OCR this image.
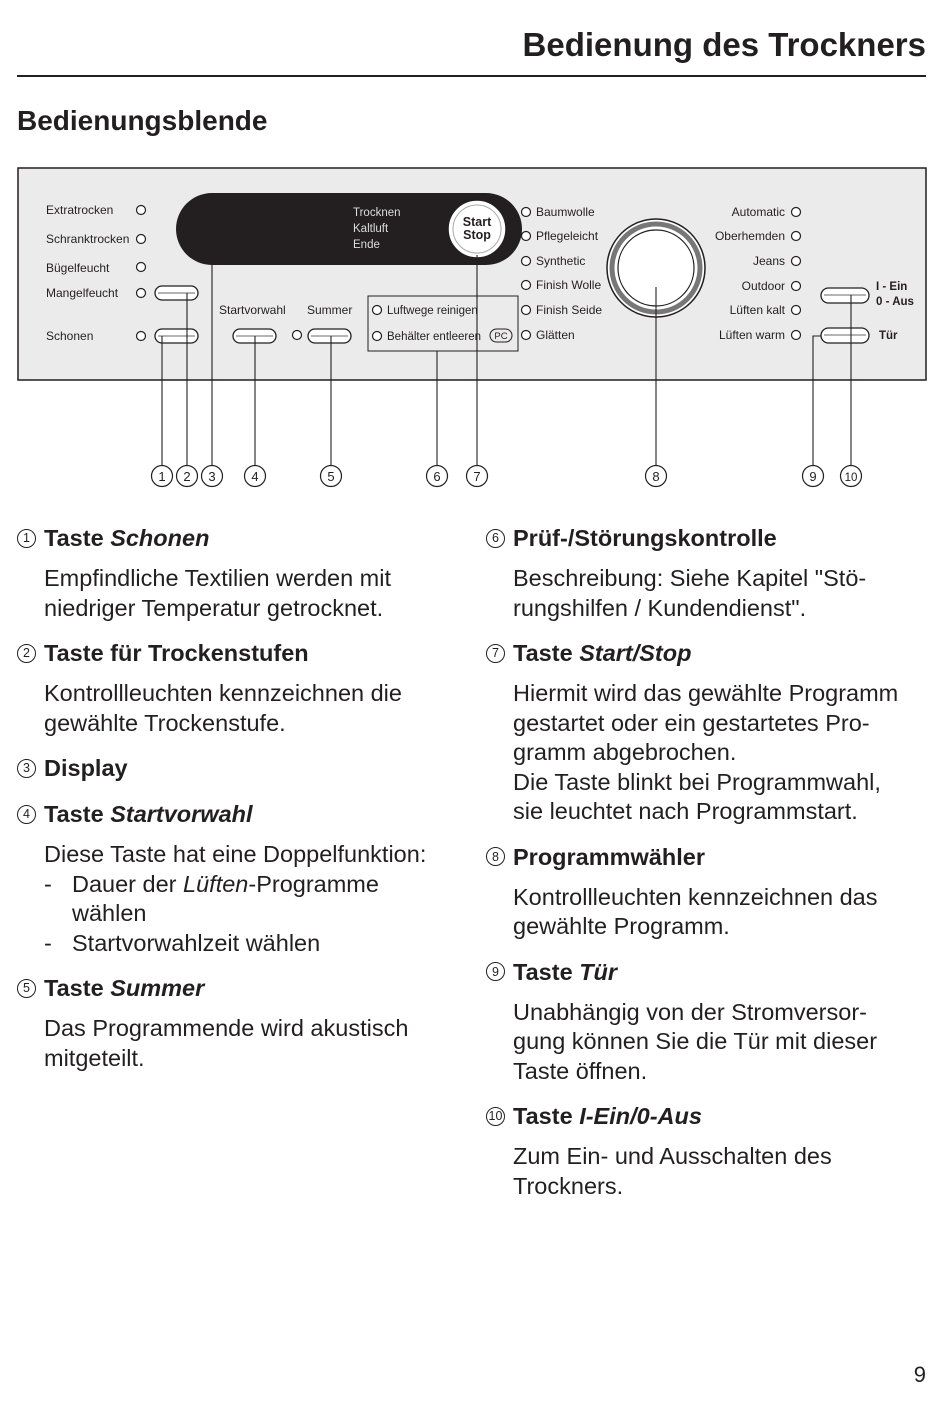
Bedienung des Trockners
Bedienungsblende
Extratrocken
Schranktrocken
Bügelfeucht
Mangelfeucht
Schonen
Trocknen
Kaltluft
Ende
Start
Stop
Startvorwahl Summer	Luftwege reinigen
Behälter entleeren PC
Baumwolle
Pflegeleicht
Synthetic
Finish Wolle
Finish Seide
Glätten
Automatic
Oberhemden
Jeans
Outdoor
Lüften kalt
Lüften warm
I - Ein
0 - Aus
Tür
1 2 3	4	5	6	7	8	9 10
1 Taste Schonen
Empfindliche Textilien werden mit
niedriger Temperatur getrocknet.
2 Taste für Trockenstufen
Kontrollleuchten kennzeichnen die
gewählte Trockenstufe.
3 Display
4 Taste Startvorwahl
Diese Taste hat eine Doppelfunktion:
- Dauer der Lüften-Programme
wählen
- Startvorwahlzeit wählen
5 Taste Summer
Das Programmende wird akustisch
mitgeteilt.
6 Prüf-/Störungskontrolle
Beschreibung: Siehe Kapitel "Stö-
rungshilfen / Kundendienst".
7 Taste Start/Stop
Hiermit wird das gewählte Programm
gestartet oder ein gestartetes Pro-
gramm abgebrochen.
Die Taste blinkt bei Programmwahl,
sie leuchtet nach Programmstart.
8 Programmwähler
Kontrollleuchten kennzeichnen das
gewählte Programm.
9 Taste Tür
Unabhängig von der Stromversor-
gung können Sie die Tür mit dieser
Taste öffnen.
10 Taste I-Ein/0-Aus
Zum Ein- und Ausschalten des
Trockners.
9
